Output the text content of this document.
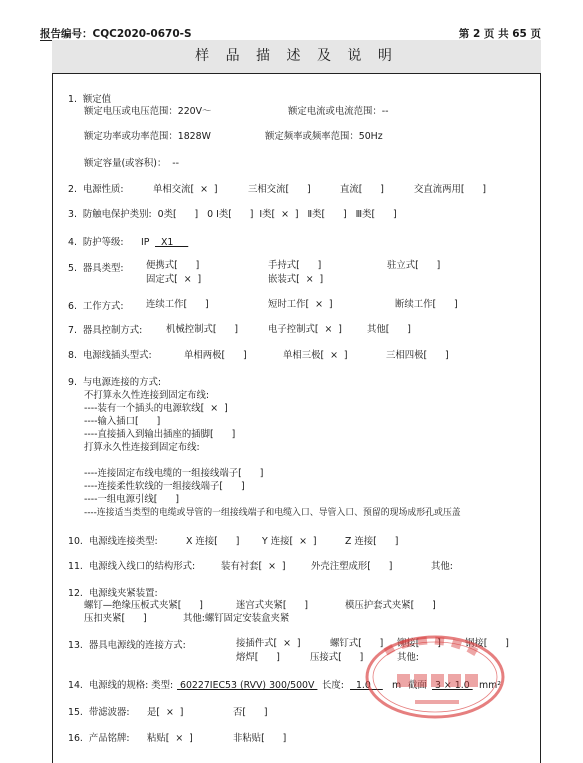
报告编号：CQC2020-0670-S	第 2 页 共 65 页
样 品 描 述 及 说 明
1.  额定值
额定电压或电压范围：220V～	额定电流或电流范围：--
额定功率或功率范围：1828W	额定频率或频率范围：50Hz
额定容量(或容积)：  --
2.  电源性质:	单相交流[  ×  ]	三相交流[      ]	直流[      ]	交直流两用[      ]
3.  防触电保护类别:  0类[      ]   0 Ⅰ类[      ]  Ⅰ类[  ×  ]   Ⅱ类[      ]   Ⅲ类[      ]
4.  防护等级: IP X1
5.  器具类型: 便携式[      ]	手持式[      ]	驻立式[      ]
固定式[  ×  ]	嵌装式[  ×  ]
6.  工作方式: 连续工作[      ]	短时工作[  ×  ]	断续工作[      ]
7.  器具控制方式:	机械控制式[      ]	电子控制式[  ×  ]	其他[      ]
8.  电源线插头型式:	单相两极[      ]	单相三极[  ×  ]	三相四极[      ]
9.  与电源连接的方式:
不打算永久性连接到固定布线:
----装有一个插头的电源软线[  ×  ]
----输入插口[      ]
----直接插入到输出插座的插脚[      ]
打算永久性连接到固定布线:
----连接固定布线电缆的一组接线端子[      ]
----连接柔性软线的一组接线端子[      ]
----一组电源引线[      ]
----连接适当类型的电缆或导管的一组接线端子和电缆入口、导管入口、预留的现场成形孔或压盖
10.  电源线连接类型:	X 连接[      ] Y 连接[  ×  ]	Z 连接[      ]
11.  电源线入线口的结构形式:	装有衬套[  ×  ]	外壳注塑成形[      ]	其他:
12.  电源线夹紧装置:
螺钉—绝缘压板式夹紧[      ]	迷宫式夹紧[      ]	模压护套式夹紧[      ]
压扣夹紧[      ]	其他:螺钉固定安装盒夹紧
13.  器具电源线的连接方式:	接插件式[  ×  ]	螺钉式[      ] 铆接[      ]	钢接[      ]
熔焊[      ]	压接式[      ]	其他:
14.  电源线的规格: 类型: 60227IEC53 (RVV) 300/500V 长度: 1.0 m 截面 3 × 1.0 mm²
15.  带滤波器: 是[  ×  ]	否[      ]
16.  产品铭牌: 粘贴[  ×  ]	非粘贴[      ]
